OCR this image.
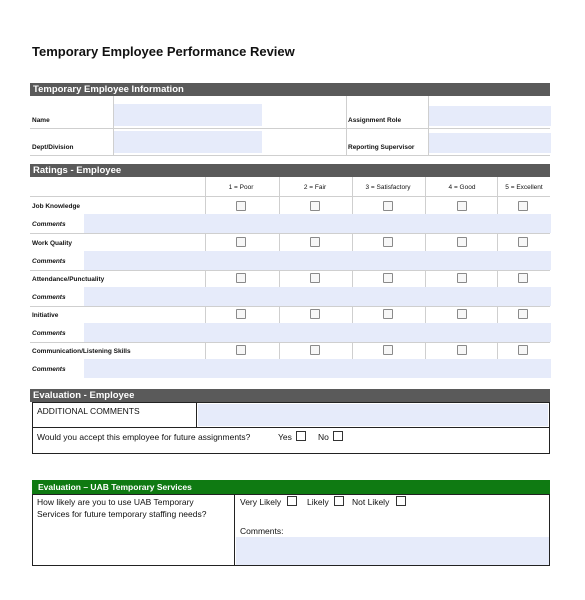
Temporary Employee Performance Review
Temporary Employee Information
Name	Assignment Role
Dept/Division	Reporting Supervisor
Ratings - Employee
1 = Poor	2 = Fair	3 = Satisfactory	4 = Good	5 = Excellent
Job Knowledge
Comments
Work Quality
Comments
Attendance/Punctuality
Comments
Initiative
Comments
Communication/Listening Skills
Comments
Evaluation - Employee
ADDITIONAL COMMENTS
Would you accept this employee for future assignments?	Yes	No
Evaluation – UAB Temporary Services
How likely are you to use UAB Temporary
Services for future temporary staffing needs?
Very Likely	Likely	Not Likely
Comments:
